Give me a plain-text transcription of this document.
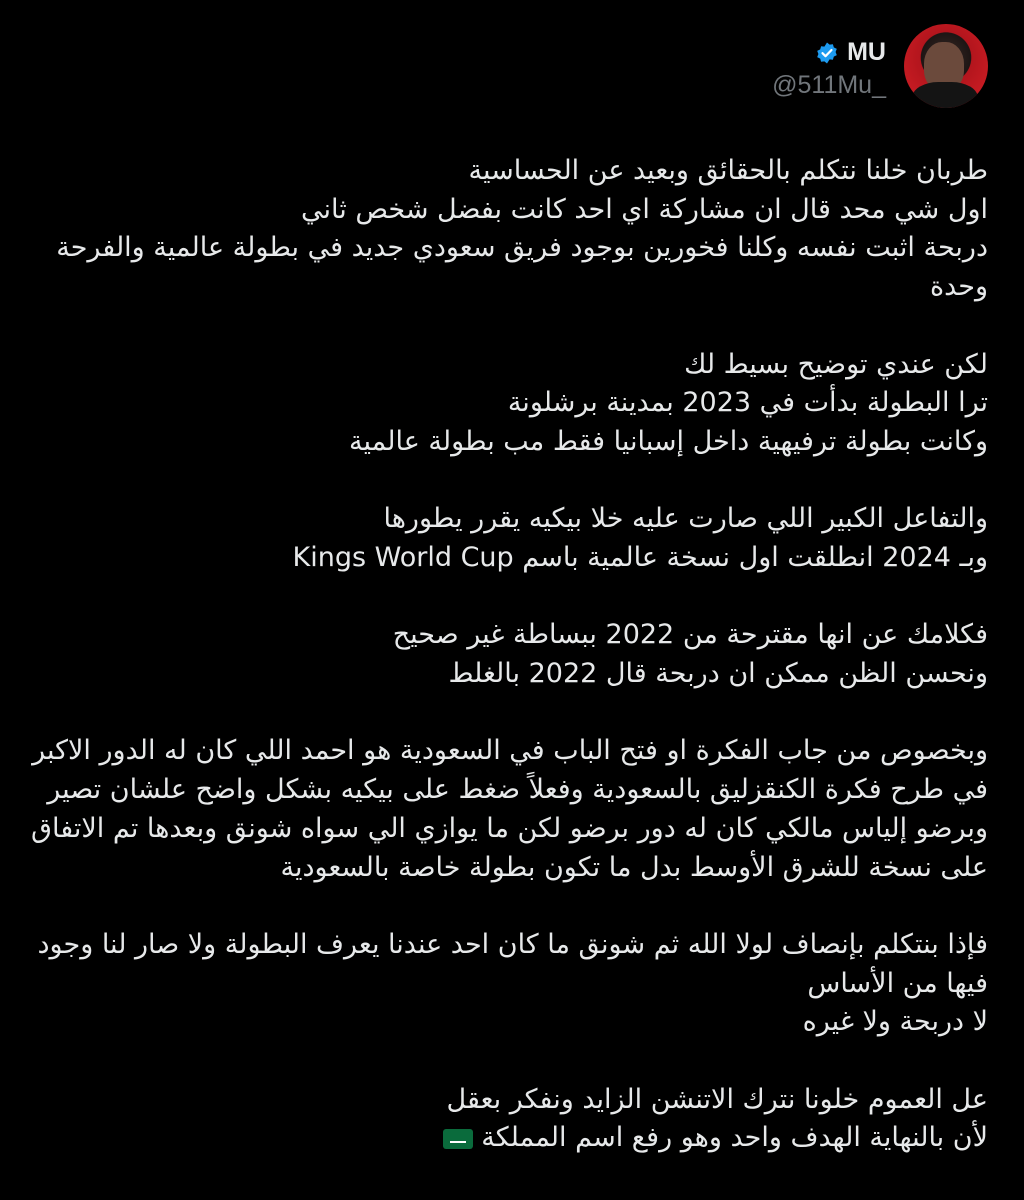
MU
@511Mu_
طربان خلنا نتكلم بالحقائق وبعيد عن الحساسية
اول شي محد قال ان مشاركة اي احد كانت بفضل شخص ثاني
دربحة اثبت نفسه وكلنا فخورين بوجود فريق سعودي جديد في بطولة عالمية والفرحة
وحدة
لكن عندي توضيح بسيط لك
ترا البطولة بدأت في 2023 بمدينة برشلونة
وكانت بطولة ترفيهية داخل إسبانيا فقط مب بطولة عالمية
والتفاعل الكبير اللي صارت عليه خلا بيكيه يقرر يطورها
وبـ 2024 انطلقت اول نسخة عالمية باسم Kings World Cup
فكلامك عن انها مقترحة من 2022 ببساطة غير صحيح
ونحسن الظن ممكن ان دربحة قال 2022 بالغلط
وبخصوص من جاب الفكرة او فتح الباب في السعودية هو احمد اللي كان له الدور الاكبر
في طرح فكرة الكنقزليق بالسعودية وفعلاً ضغط على بيكيه بشكل واضح علشان تصير
وبرضو إلياس مالكي كان له دور برضو لكن ما يوازي الي سواه شونق وبعدها تم الاتفاق
على نسخة للشرق الأوسط بدل ما تكون بطولة خاصة بالسعودية
فإذا بنتكلم بإنصاف لولا الله ثم شونق ما كان احد عندنا يعرف البطولة ولا صار لنا وجود
فيها من الأساس
لا دربحة ولا غيره
عل العموم خلونا نترك الاتنشن الزايد ونفكر بعقل
لأن بالنهاية الهدف واحد وهو رفع اسم المملكة
